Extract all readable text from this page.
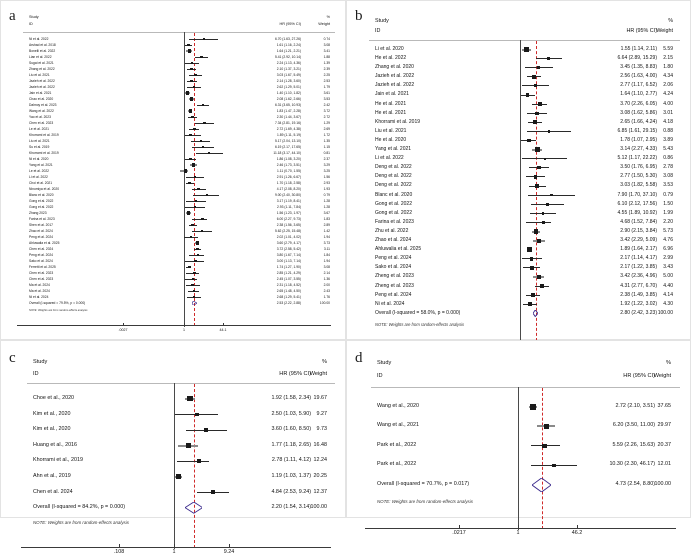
a	Study
ID	HR (95% CI)
%
Weight
Ni et al. 2022	6.70 (1.63, 27.26)	0.74
Arshad et al. 2018	1.61 (1.16, 2.24)	3.08
Bonelli et al. 2022	1.64 (1.21, 2.21)	3.41
Lian et al. 2022	5.41 (2.92, 10.14)	1.88
Sugai et al. 2021	2.24 (1.13, 4.36)	1.39
Zhang et al. 2022	2.10 (1.37, 3.21)	2.39
Liu et al. 2021	3.03 (1.67, 5.49)	2.25
Jazieh et al. 2022	2.14 (1.28, 3.60)	2.53
Jazieh et al. 2022	2.62 (1.29, 5.01)	1.79
Jain et al. 2021	1.40 (1.10, 1.82)	3.61
Chao et al. 2020	2.08 (1.62, 2.66)	3.53
Dalmoy et al. 2023	6.31 (3.65, 10.93)	2.42
Wang et al. 2022	1.83 (1.47, 2.28)	3.72
Yao et al. 2023	2.30 (1.44, 3.67)	2.72
Chen et al. 2023	7.34 (2.81, 19.16)	1.29
Le et al. 2021	2.72 (1.69, 4.38)	2.69
Khorrami et al. 2019	1.89 (1.11, 5.19)	1.72
Liu et al. 2021	5.17 (2.04, 13.10)	1.35
Su et al. 2019	6.19 (2.17, 17.65)	1.15
Khorrami et al. 2019	11.18 (3.17, 44.10)	0.81
Ni et al. 2020	1.86 (1.08, 3.20)	2.37
Yang et al. 2021	2.46 (1.73, 3.51)	3.29
Le et al. 2022	1.11 (0.70, 1.55)	3.25
Li et al. 2022	2.91 (1.26, 6.67)	1.56
Choi et al. 2021	1.70 (1.18, 2.58)	2.93
Ninomiya et al. 2020	4.17 (2.08, 8.20)	1.93
Blanc et al. 2020	9.00 (2.40, 30.80)	0.79
Gong et al. 2022	3.17 (1.19, 8.41)	1.28
Gong et al. 2022	2.93 (1.11, 7.84)	1.28
Zhang 2023	1.56 (1.23, 1.97)	3.67
Farina et al. 2023	6.00 (2.27, 9.73)	1.83
Shen et al. 2017	2.38 (1.56, 3.65)	2.89
Zhao et al. 2024	5.62 (2.25, 15.48)	1.42
Peng et al. 2024	2.02 (1.01, 4.02)	1.94
Ahluwalia et al. 2025	3.60 (2.79, 4.17)	3.73
Chen et al. 2024	3.72 (2.58, 5.42)	3.11
Peng et al. 2024	3.80 (1.67, 7.14)	1.84
Sako et al. 2024	3.00 (1.13, 7.14)	1.94
Ferretti et al. 2025	1.74 (1.27, 1.90)	3.08
Chen et al. 2023	2.85 (1.21, 4.29)	2.14
Chen et al. 2023	2.45 (1.07, 3.55)	1.36
Ma et al. 2024	2.31 (1.18, 4.52)	2.00
Ma et al. 2024	2.65 (1.48, 4.50)	2.43
Ni et al. 2024	2.68 (1.29, 5.41)	1.76
Overall (I-squared = 79.5%, p = 0.000)	2.53 (2.22, 2.88)	100.00
NOTE: Weights are from random-effects analysis
.0027	1	44.1
b Study
ID	HR (95% CI)
%
Weight
Li et al. 2020	1.55 (1.14, 2.11)	5.59
He et al. 2022	6.64 (2.89, 15.29)	2.15
Zhang et al. 2020	3.45 (1.35, 8.83)	1.80
Jazieh et al. 2022	2.56 (1.63, 4.00)	4.34
Jazieh et al. 2022	2.77 (1.17, 6.52)	2.06
Jain et al. 2021	1.64 (1.10, 2.77)	4.24
He et al. 2021	3.70 (2.26, 6.05)	4.00
He et al. 2021	3.08 (1.62, 5.86)	3.01
Khorrami et al. 2019	2.65 (1.66, 4.24)	4.18
Liu et al. 2021	6.85 (1.61, 29.15)	0.88
He et al. 2020	1.78 (1.07, 2.95)	3.89
Yang et al. 2021	3.14 (2.27, 4.33)	5.43
Li et al. 2022	5.12 (1.17, 22.22)	0.86
Deng et al. 2022	3.50 (1.76, 6.95)	2.78
Deng et al. 2022	2.77 (1.50, 5.30)	3.08
Deng et al. 2022	3.03 (1.82, 5.58)	3.53
Blanc et al. 2020	7.90 (1.70, 37.10)	0.79
Gong et al. 2022	6.10 (2.12, 17.56)	1.50
Gong et al. 2022	4.55 (1.89, 10.92)	1.99
Farina et al. 2023	4.68 (1.52, 7.84)	2.20
Zhu et al. 2022	2.90 (2.15, 3.84)	5.73
Zhao et al. 2024	3.42 (2.29, 5.09)	4.76
Ahluwalia et al. 2025	1.89 (1.64, 2.17)	6.96
Peng et al. 2024	2.17 (1.14, 4.17)	2.99
Sako et al. 2024	2.17 (1.22, 3.85)	3.43
Zheng et al. 2023	3.42 (2.36, 4.96)	5.00
Zheng et al. 2023	4.31 (2.77, 6.70)	4.40
Peng et al. 2024	2.38 (1.49, 3.85)	4.14
Ni et al. 2024	1.92 (1.22, 3.02)	4.30
Overall (I-squared = 58.0%, p = 0.000)	2.80 (2.42, 3.23) 100.00
NOTE: Weights are from random-effects analysis
c	Study
ID	HR (95% CI)
%
Weight
Choe et al., 2020	1.92 (1.58, 2.34) 19.67
Kim et al., 2020	2.50 (1.03, 5.90)	9.27
Kim et al., 2020	3.60 (1.60, 8.50)	9.73
Huang et al., 2016	1.77 (1.18, 2.65) 16.48
Khorrami et al., 2019	2.78 (1.11, 4.12) 12.24
Ahn et al., 2019	1.19 (1.03, 1.37) 20.25
Chen et al. 2024	4.84 (2.53, 9.24) 12.37
Overall (I-squared = 84.2%, p = 0.000)	2.20 (1.54, 3.14) 100.00
NOTE: Weights are from random-effects analysis
.108	1	9.24
d	Study
ID	HR (95% CI)
%
Weight
Wang et al., 2020	2.72 (2.10, 3.51) 37.65
Wang et al., 2021	6.20 (3.50, 11.00) 29.97
Park et al., 2022	5.59 (2.26, 15.63) 20.37
Park et al., 2022	10.30 (2.30, 46.17) 12.01
Overall (I-squared = 70.7%, p = 0.017)	4.73 (2.54, 8.80) 100.00
NOTE: Weights are from random-effects analysis
.0217	1	46.2
